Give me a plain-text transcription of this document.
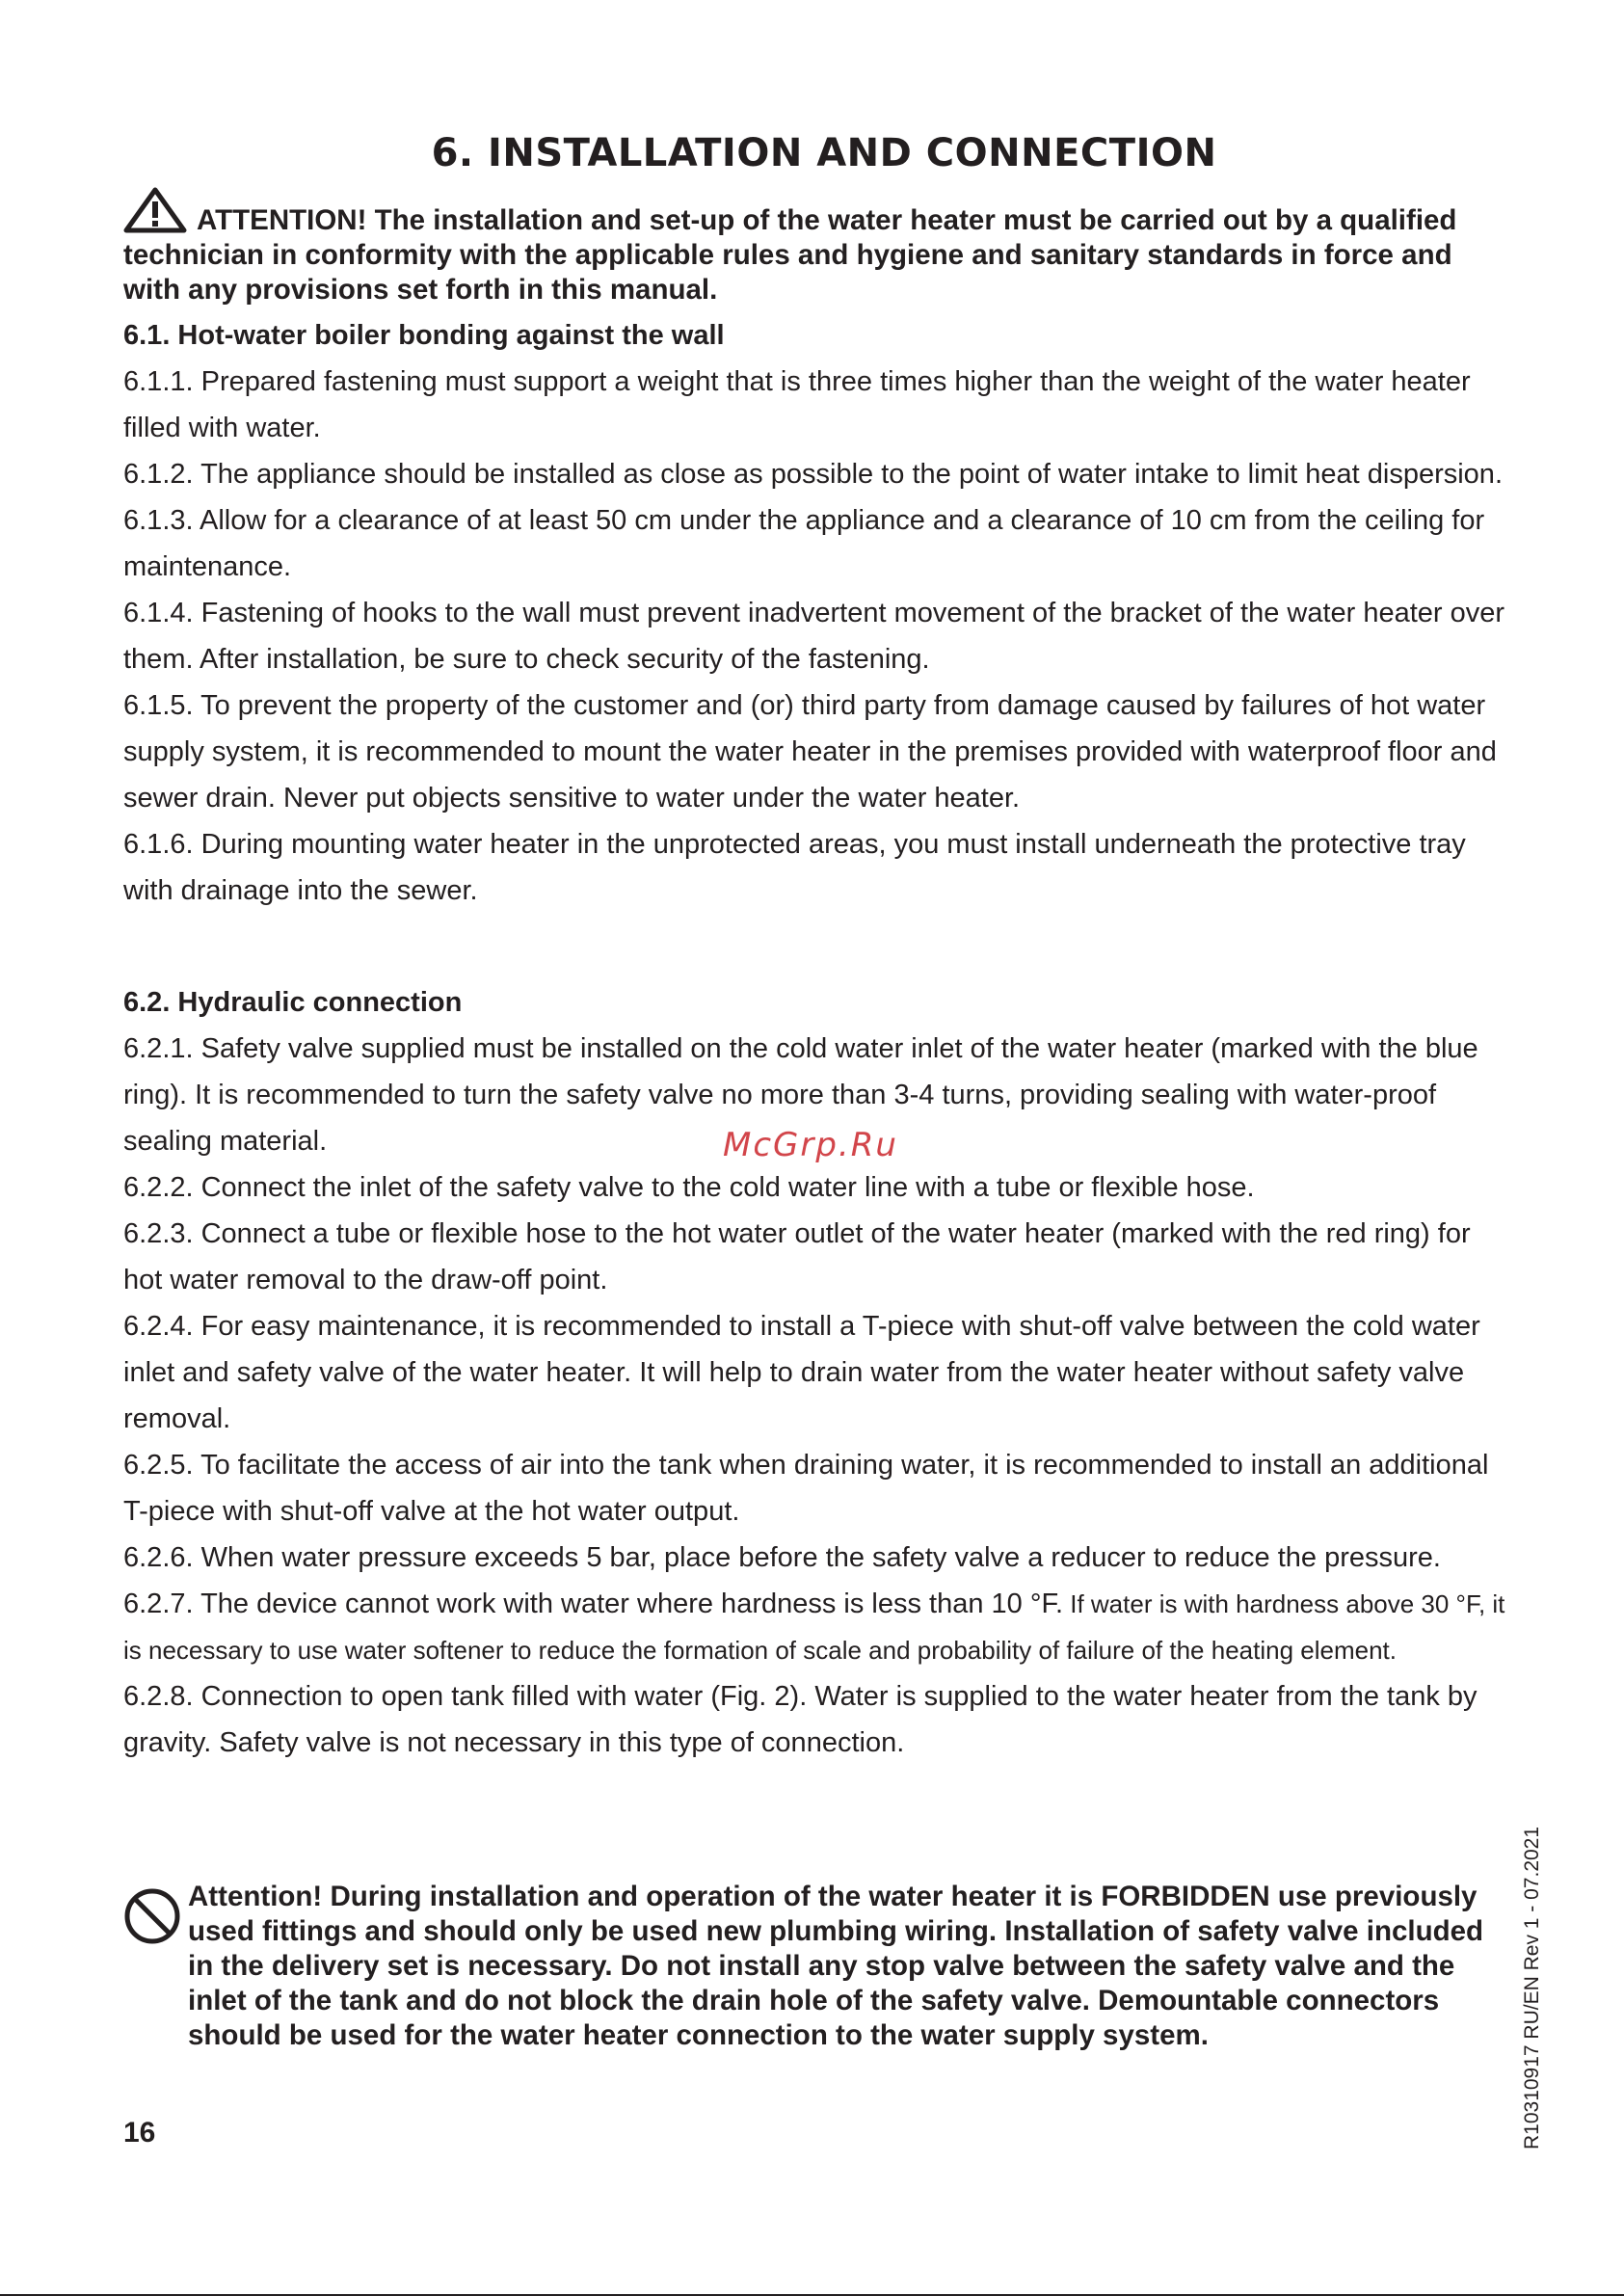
6. INSTALLATION AND CONNECTION
ATTENTION! The installation and set-up of the water heater must be carried out by a qualified technician in conformity with the applicable rules and hygiene and sanitary standards in force and with any provisions set forth in this manual.
6.1. Hot-water boiler bonding against the wall

6.1.1. Prepared fastening must support a weight that is three times higher than the weight of the water heater filled with water.

6.1.2. The appliance should be installed as close as possible to the point of water intake to limit heat dispersion.

6.1.3. Allow for a clearance of at least 50 cm under the appliance and a clearance of 10 cm from the ceiling for maintenance.

6.1.4. Fastening of hooks to the wall must prevent inadvertent movement of the bracket of the water heater over them. After installation, be sure to check security of the fastening.

6.1.5. To prevent the property of the customer and (or) third party from damage caused by failures of hot water supply system, it is recommended to mount the water heater in the premises provided with waterproof floor and sewer drain. Never put objects sensitive to water under the water heater.

6.1.6. During mounting water heater in the unprotected areas, you must install underneath the protective tray with drainage into the sewer.

6.2. Hydraulic connection

6.2.1. Safety valve supplied must be installed on the cold water inlet of the water heater (marked with the blue ring). It is recommended to turn the safety valve no more than 3-4 turns, providing sealing with water-proof sealing material.

6.2.2. Connect the inlet of the safety valve to the cold water line with a tube or flexible hose.

6.2.3. Connect a tube or flexible hose to the hot water outlet of the water heater (marked with the red ring) for hot water removal to the draw-off point.

6.2.4. For easy maintenance, it is recommended to install a T-piece with shut-off valve between the cold water inlet and safety valve of the water heater. It will help to drain water from the water heater without safety valve removal.

6.2.5. To facilitate the access of air into the tank when draining water, it is recommended to install an additional T-piece with shut-off valve at the hot water output.

6.2.6. When water pressure exceeds 5 bar, place before the safety valve a reducer to reduce the pressure.

6.2.7. The device cannot work with water where hardness is less than 10 °F. If water is with hardness above 30 °F, it is necessary to use water softener to reduce the formation of scale and probability of failure of the heating element.

6.2.8. Connection to open tank filled with water (Fig. 2). Water is supplied to the water heater from the tank by gravity. Safety valve is not necessary in this type of connection.

McGrp.Ru
Attention! During installation and operation of the water heater it is FORBIDDEN use previously used fittings and should only be used new plumbing wiring. Installation of safety valve included in the delivery set is necessary. Do not install any stop valve between the safety valve and the inlet of the tank and do not block the drain hole of the safety valve. Demountable connectors should be used for the water heater connection to the water supply system.
16	R10310917 RU/EN Rev 1 - 07.2021
